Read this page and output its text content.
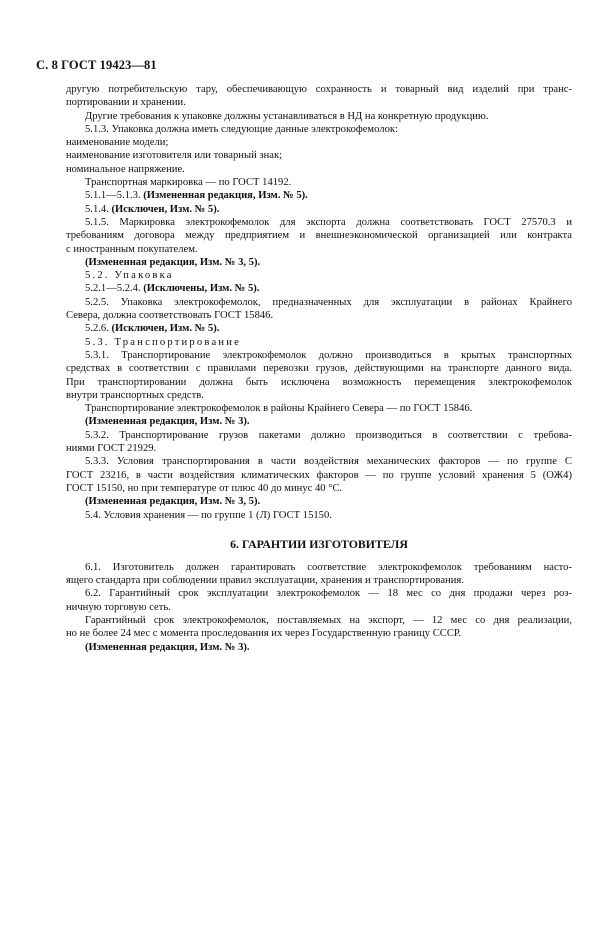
С. 8 ГОСТ 19423—81
другую потребительскую тару, обеспечивающую сохранность и товарный вид изделий при транс-
портировании и хранении.
Другие требования к упаковке должны устанавливаться в НД на конкретную продукцию.
5.1.3. Упаковка должна иметь следующие данные электрокофемолок:
наименование модели;
наименование изготовителя или товарный знак;
номинальное напряжение.
Транспортная маркировка — по ГОСТ 14192.
5.1.1—5.1.3. (Измененная редакция, Изм. № 5).
5.1.4. (Исключен, Изм. № 5).
5.1.5. Маркировка электрокофемолок для экспорта должна соответствовать ГОСТ 27570.3 и
требованиям договора между предприятием и внешнеэкономической организацией или контракта
с иностранным покупателем.
(Измененная редакция, Изм. № 3, 5).
5.2. Упаковка
5.2.1—5.2.4. (Исключены, Изм. № 5).
5.2.5. Упаковка электрокофемолок, предназначенных для эксплуатации в районах Крайнего
Севера, должна соответствовать ГОСТ 15846.
5.2.6. (Исключен, Изм. № 5).
5.3. Транспортирование
5.3.1. Транспортирование электрокофемолок должно производиться в крытых транспортных
средствах в соответствии с правилами перевозки грузов, действующими на транспорте данного вида.
При транспортировании должна быть исключена возможность перемещения электрокофемолок
внутри транспортных средств.
Транспортирование электрокофемолок в районы Крайнего Севера — по ГОСТ 15846.
(Измененная редакция, Изм. № 3).
5.3.2. Транспортирование грузов пакетами должно производиться в соответствии с требова-
ниями ГОСТ 21929.
5.3.3. Условия транспортирования в части воздействия механических факторов — по группе С
ГОСТ 23216, в части воздействия климатических факторов — по группе условий хранения 5 (ОЖ4)
ГОСТ 15150, но при температуре от плюс 40 до минус 40 °С.
(Измененная редакция, Изм. № 3, 5).
5.4. Условия хранения — по группе 1 (Л) ГОСТ 15150.
6. ГАРАНТИИ ИЗГОТОВИТЕЛЯ
6.1. Изготовитель должен гарантировать соответствие электрокофемолок требованиям насто-
ящего стандарта при соблюдении правил эксплуатации, хранения и транспортирования.
6.2. Гарантийный срок эксплуатации электрокофемолок — 18 мес со дня продажи через роз-
ничную торговую сеть.
Гарантийный срок электрокофемолок, поставляемых на экспорт, — 12 мес со дня реализации,
но не более 24 мес с момента проследования их через Государственную границу СССР.
(Измененная редакция, Изм. № 3).
